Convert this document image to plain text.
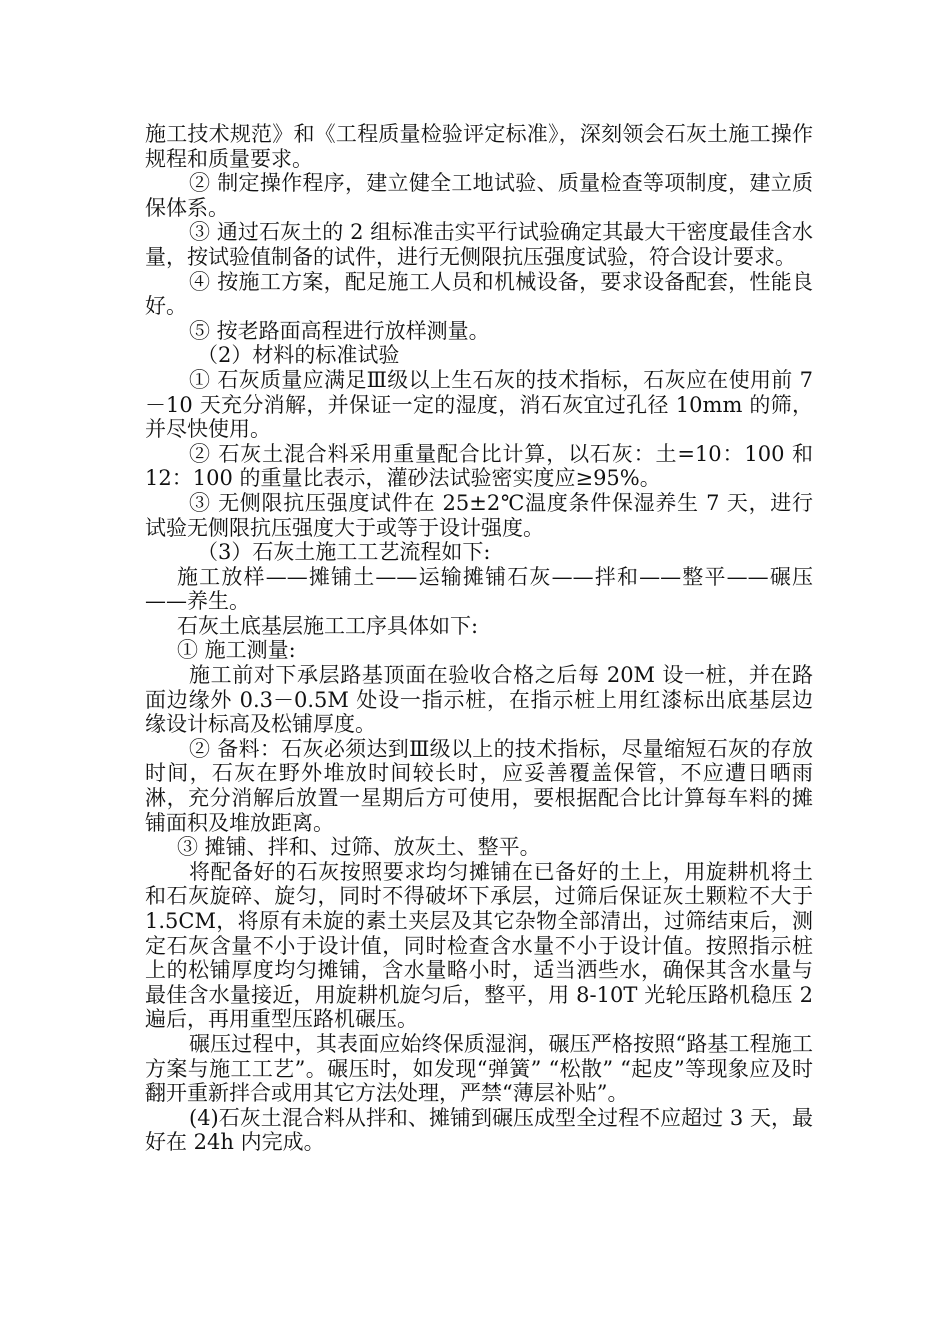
施工技术规范》和《工程质量检验评定标准》，深刻领会石灰土施工操作规程和质量要求。

② 制定操作程序，建立健全工地试验、质量检查等项制度，建立质保体系。

③ 通过石灰土的 2 组标准击实平行试验确定其最大干密度最佳含水量，按试验值制备的试件，进行无侧限抗压强度试验，符合设计要求。

④ 按施工方案，配足施工人员和机械设备，要求设备配套，性能良好。

⑤ 按老路面高程进行放样测量。

（2）材料的标准试验

① 石灰质量应满足Ⅲ级以上生石灰的技术指标，石灰应在使用前 7－10 天充分消解，并保证一定的湿度，消石灰宜过孔径 10mm 的筛，并尽快使用。

② 石灰土混合料采用重量配合比计算，以石灰：土=10：100 和 12：100 的重量比表示，灌砂法试验密实度应≥95%。

③ 无侧限抗压强度试件在 25±2℃温度条件保湿养生 7 天，进行试验无侧限抗压强度大于或等于设计强度。

（3）石灰土施工工艺流程如下:

施工放样——摊铺土——运输摊铺石灰——拌和——整平——碾压——养生。

石灰土底基层施工工序具体如下:

① 施工测量:

施工前对下承层路基顶面在验收合格之后每 20M 设一桩，并在路面边缘外 0.3－0.5M 处设一指示桩，在指示桩上用红漆标出底基层边缘设计标高及松铺厚度。

② 备料：石灰必须达到Ⅲ级以上的技术指标，尽量缩短石灰的存放时间，石灰在野外堆放时间较长时，应妥善覆盖保管，不应遭日晒雨淋，充分消解后放置一星期后方可使用，要根据配合比计算每车料的摊铺面积及堆放距离。

③ 摊铺、拌和、过筛、放灰土、整平。

将配备好的石灰按照要求均匀摊铺在已备好的土上，用旋耕机将土和石灰旋碎、旋匀，同时不得破坏下承层，过筛后保证灰土颗粒不大于 1.5CM，将原有未旋的素土夹层及其它杂物全部清出，过筛结束后，测定石灰含量不小于设计值，同时检查含水量不小于设计值。按照指示桩上的松铺厚度均匀摊铺，含水量略小时，适当洒些水，确保其含水量与最佳含水量接近，用旋耕机旋匀后，整平，用 8-10T 光轮压路机稳压 2 遍后，再用重型压路机碾压。

碾压过程中，其表面应始终保质湿润，碾压严格按照“路基工程施工方案与施工工艺”。碾压时，如发现“弹簧” “松散” “起皮”等现象应及时翻开重新拌合或用其它方法处理，严禁“薄层补贴”。

(4)石灰土混合料从拌和、摊铺到碾压成型全过程不应超过 3 天，最好在 24h 内完成。
